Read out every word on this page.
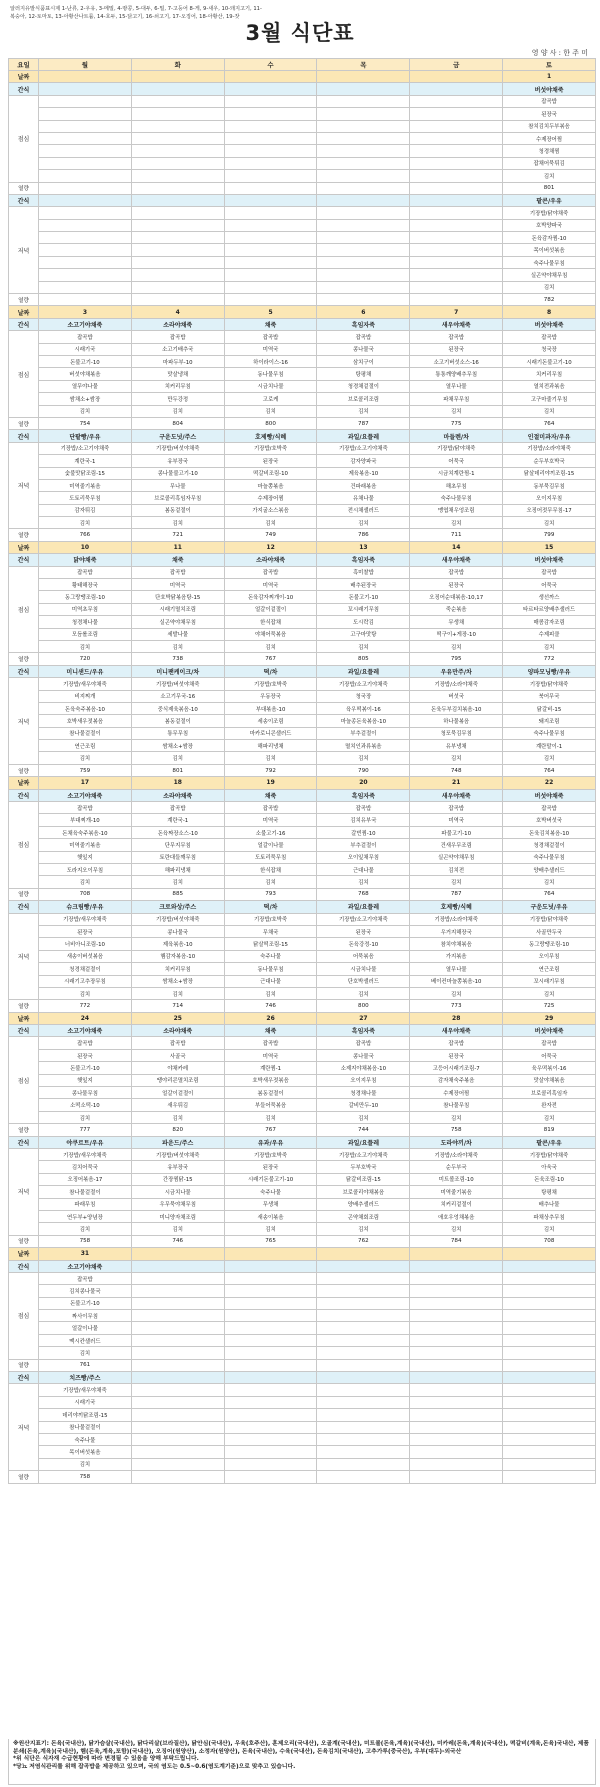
알러지유발식품표시제 1-난류, 2-우유, 3-메밀, 4-땅콩, 5-대두, 6-밀, 7-고등어 8-게, 9-새우, 10-돼지고기, 11-복숭아, 12-토마토, 13-아황산나트륨, 14-호두, 15-닭고기, 16-쇠고기, 17-오징어, 18-아황산, 19-잣
3월 식단표
영 양 사 : 한 주 미
요일	월	화	수	목	금	토
날짜						1
간식						버섯야채죽
점심						잡곡밥
						된장국
						참치김치두부볶음
						수제장어찜
						청경채찜
						잡채어묵튀김
						김치
열량						801
간식						팥콘/우유
저녁						기장밥/닭야채죽
						호박양파국
						돈육감자찜-10
						목이버섯볶음
						숙주나물무침
						실곤약야채무침
						김치
열량						782
날짜	3	4	5	6	7	8
간식	소고기야채죽	소라야채죽	채죽	흑임자죽	새우야채죽	버섯야채죽
점심	잡곡밥	잡곡밥	잡곡밥	잡곡밥	잡곡밥	잡곡밥
	시래기국	소고기배추국	미역국	콩나물국	된장국	청국장
	돈불고기-10	마파두부-10	하이라이스-16	삼치구이	소고기버섯소스-16	시래기돈불고기-10
	버섯야채볶음	맛살냉채	동나물무침	탕평채	통통깨양배추무침	치커리무침
	열무야나물	치커리무침	시금치나물	청경채겉절이	열무나물	열치전과볶음
	쌈채소+쌈장	만두강정	고로케	브로콜리조림	파채무무침	고구마줄기무침
	김치	김치	김치	김치	김치	김치
열량	754	804	800	787	775	764
간식	단팥빵/우유	구운도넛/주스	호제빵/식혜	과일/요플레	마들렌/차	인절미과자/우유
저녁	기장밥/소고기야채죽	기장밥/버섯야채죽	기장밥/호박죽	기장밥/소고기야채죽	기장밥/닭야채죽	기장밥/소라야채죽
	계란국-1	유부장국	된장국	감자양파국	어묵국	순두부호박국
	숯불맛닭조림-15	콩나물불고기-10	떡갈비조림-10	제육볶음-10	시금치계란찜-1	닭살데리야끼조림-15
	미역줄기볶음	무나물	마늘쫑볶음	건파래볶음	해초무침	동부묵김무침
	도토리묵무침	브로콜리흑임자무침	수제장어찜	유채나물	숙주나물무침	오이지무침
	감자튀김	봄동겉절이	가지굴소스볶음	전시채샐러드	맹엽채우엉조림	오징어젓무무침-17
	김치	김치	김치	김치	김치	김치
열량	766	721	749	786	711	799
날짜	10	11	12	13	14	15
간식	닭야채죽	채죽	소라야채죽	흑임자죽	새우야채죽	버섯야채죽
점심	잡곡밥	잡곡밥	잡곡밥	흑미찰밥	잡곡밥	잡곡밥
	황태해장국	미역국	미역국	배추된장국	된장국	어묵국
	동그랑땡조림-10	단호박닭볶음탕-15	돈육감자찌개이-10	돈불고기-10	오징어순대볶음-10,17	생선까스
	미역초무침	시래기멸치조림	얼갈이겉절이	꼬시래기무침	죽순볶음	타르타르양배추샐러드
	청경채나물	실곤약야채무침	한식잡채	도시락김	무생채	매콤감자조림
	모듬롤조림	세발나물	야채어묵볶음	고구마맛탕	떡구이+게장-10	수제피클
	김치	김치	김치	김치	김치	김치
열량	720	738	767	805	795	772
간식	미니샌드/우유	미니팬케이크/차	떡/차	과일/요플레	우유만주/차	양파모닝빵/우유
저녁	기장밥/새우야채죽	기장밥/버섯야채죽	기장밥/호박죽	기장밥/소고기야채죽	기장밥/소라야채죽	기장밥/닭야채죽
	비지찌개	소고기무국-16	우동장국	청국장	버섯국	북어무국
	돈육숙주볶음-10	중식제육볶음-10	부대볶음-10	육우떡볶이-16	돈육두부김치볶음-10	닭갈비-15
	호박새우젓볶음	봄동겉절이	세송이조림	마늘종돈육볶음-10	하나물볶음	돼지조림
	참나물겉절이	통무무침	마카로니콘샐러드	부추겉절이	청포묵김무침	숙주나물무침
	연근조림	쌈채소+쌈장	해파리냉채	멸치인과류볶음	유부냉채	계란말이-1
	김치	김치	김치	김치	김치	김치
열량	759	801	792	790	748	764
날짜	17	18	19	20	21	22
간식	소고기야채죽	소라야채죽	채죽	흑임자죽	새우야채죽	버섯야채죽
점심	잡곡밥	잡곡밥	잡곡밥	잡곡밥	잡곡밥	잡곡밥
	부대찌개-10	계란국-1	미역국	김치유부국	미역국	호박버섯국
	돈채육숙주볶음-10	돈육짜장소스-10	소불고기-16	갈빈찜-10	파불고기-10	돈육김치볶음-10
	미역줄기볶음	단무지무침	얼갈이나물	부추겉절이	건새우무조림	청경채겉절이
	햇잎지	토란대들깨무침	도토리묵무침	오이잎채무침	실곤약야채무침	숙주나물무침
	도라지오이무침	해파리냉채	한식잡채	근대나물	김치전	양배추샐러드
	김치	김치	김치	김치	김치	김치
열량	708	885	793	768	787	764
간식	슈크림빵/우유	크로와상/주스	떡/차	과일/요플레	호제빵/식혜	구운도넛/우유
저녁	기장밥/새우야채죽	기장밥/버섯야채죽	기장밥/호박죽	기장밥/소고기야채죽	기장밥/소라야채죽	기장밥/닭야채죽
	된장국	콩나물국	무채국	된장국	우거지해장국	사골만두국
	너비아니조림-10	제육볶음-10	닭살떡조림-15	돈육강정-10	참치야채볶음	동그랑땡조림-10
	새송이버섯볶음	햄감자볶음-10	숙주나물	어묵볶음	가지볶음	오이무침
	청경채겉절이	치커리무침	동나물무침	시금치나물	열무나물	연근조림
	시래기고추장무침	쌈채소+쌈장	근대나물	단호박샐러드	베이컨마늘쫑볶음-10	꼬시래기무침
	김치	김치	김치	김치	김치	김치
열량	772	714	746	800	773	725
날짜	24	25	26	27	28	29
간식	소고기야채죽	소라야채죽	채죽	흑임자죽	새우야채죽	버섯야채죽
점심	잡곡밥	잡곡밥	잡곡밥	잡곡밥	잡곡밥	잡곡밥
	된장국	사골국	미역국	콩나물국	된장국	어묵국
	돈불고기-10	야채카레	계란찜-1	소제지야채볶음-10	고등어시래기조림-7	육우떡볶이-16
	햇잎지	땡야리콘멸치조림	호박새우젓볶음	오이지무침	감자채숙주볶음	맛살야채볶음
	콩나물무침	얼갈이겉절이	봄동겉절이	청경채나물	수제장어찜	브로콜리흑임자
	소떡소떡-10	새우튀김	부들어묵볶음	갈비만두-10	참나물무침	완자전
	김치	김치	김치	김치	김치	김치
열량	777	820	767	744	758	819
간식	야쿠르트/우유	파운드/주스	유과/우유	과일/요플레	도라야끼/차	팥콘/우유
저녁	기장밥/새우야채죽	기장밥/버섯야채죽	기장밥/호박죽	기장밥/소고기야채죽	기장밥/소라야채죽	기장밥/닭야채죽
	김치어묵국	유부장국	된장국	두부호박국	순두부국	아욱국
	오징어볶음-17	간장찜닭-15	시래기돈불고기-10	닭갈비조림-15	미트볼조림-10	돈육조림-10
	참나물겉절이	시금치나물	숙주나물	브로콜리야채볶음	미역줄기볶음	탕평채
	파래무침	우무묵야채무침	무생채	양배추샐러드	치커리겉절이	배추나물
	연두부+양념장	미니양자채조림	새송이볶음	곤약채회조림	애호우엉채볶음	파채상추무침
	김치	김치	김치	김치	김치	김치
열량	758	746	765	762	784	708
날짜	31					
간식	소고기야채죽					
점심	잡곡밥					
	김치콩나물국					
	돈불고기-10					
	짜사이무침					
	얼갈이나물					
	맥시칸샐러드					
	김치					
열량	761					
간식	치즈빵/주스					
저녁	기장밥/새우야채죽					
	시래기국					
	데리야끼닭조림-15					
	참나물겉절이					
	숙주나물					
	목이버섯볶음					
	김치					
열량	758					
※원산지표기: 돈육(국내산), 닭가슴살(국내산), 닭다리살(브라질산), 닭안심(국내산), 우육(호주산), 훈제오리(국내산), 오골계(국내산), 미트볼(돈육,계육)(국내산), 미카레(돈육,계육)(국내산), 떡갈비(계육,돈육)국내산, 제품분쇄(돈육,계육)(국내산), 햄(돈육,계육,포함)(국내산), 오징어(원양산), 소정자(원양산), 돈육(국내산), 수육(국내산), 돈육김치(국내산), 고추가루(중국산), 우부(대두)-외국산
*위 식단은 식자재 수급현황에 따라 변경될 수 있음을 양해 부탁드립니다.
*당뇨 저염식관리를 위해 잡곡밥을 제공하고 있으며, 국의 염도는 0.5~0.6(염도계기준)으로 맞추고 있습니다.
